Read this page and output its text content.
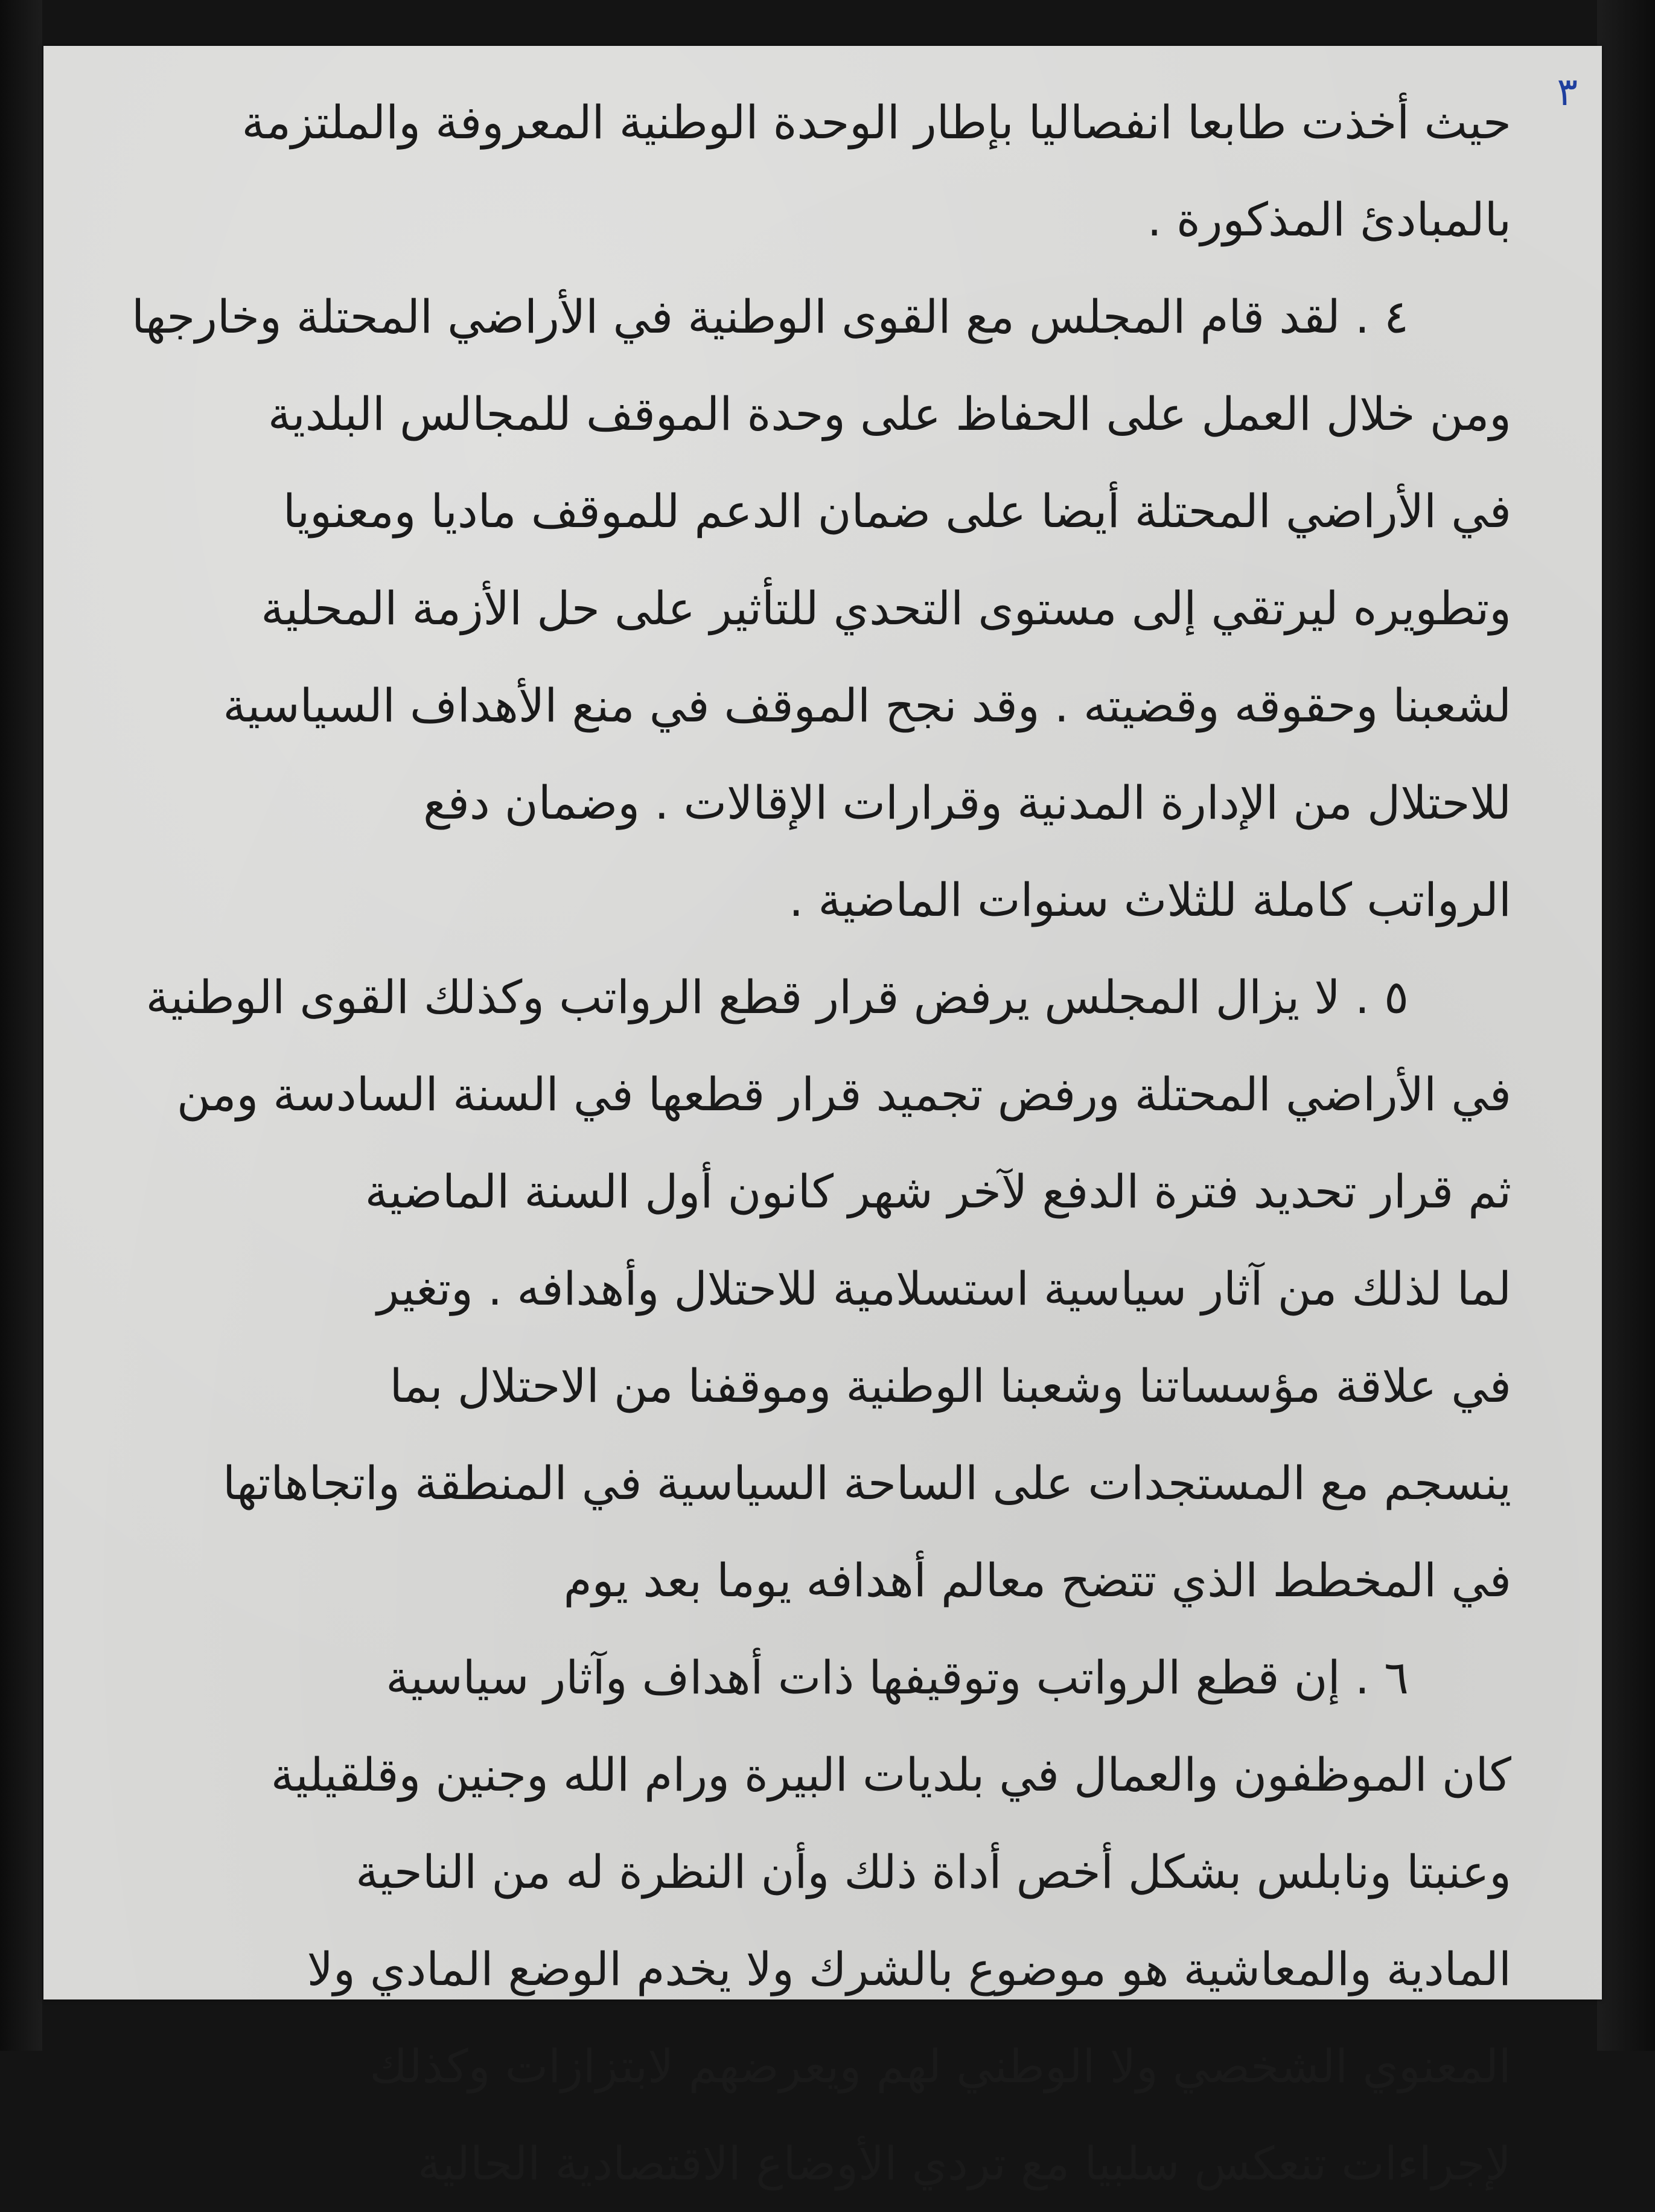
٣
حيث أخذت طابعا انفصاليا بإطار الوحدة الوطنية المعروفة والملتزمة
بالمبادئ المذكورة .
٤ . لقد قام المجلس مع القوى الوطنية في الأراضي المحتلة وخارجها
ومن خلال العمل على الحفاظ على وحدة الموقف للمجالس البلدية
في الأراضي المحتلة أيضا على ضمان الدعم للموقف ماديا ومعنويا
وتطويره ليرتقي إلى مستوى التحدي للتأثير على حل الأزمة المحلية
لشعبنا وحقوقه وقضيته . وقد نجح الموقف في منع الأهداف السياسية
للاحتلال من الإدارة المدنية وقرارات الإقالات . وضمان دفع
الرواتب كاملة للثلاث سنوات الماضية .
٥ . لا يزال المجلس يرفض قرار قطع الرواتب وكذلك القوى الوطنية
في الأراضي المحتلة ورفض تجميد قرار قطعها في السنة السادسة ومن
ثم قرار تحديد فترة الدفع لآخر شهر كانون أول السنة الماضية
لما لذلك من آثار سياسية استسلامية للاحتلال وأهدافه . وتغير
في علاقة مؤسساتنا وشعبنا الوطنية وموقفنا من الاحتلال بما
ينسجم مع المستجدات على الساحة السياسية في المنطقة واتجاهاتها
في المخطط الذي تتضح معالم أهدافه يوما بعد يوم
٦ . إن قطع الرواتب وتوقيفها ذات أهداف وآثار سياسية
كان الموظفون والعمال في بلديات البيرة ورام الله وجنين وقلقيلية
وعنبتا ونابلس بشكل أخص أداة ذلك وأن النظرة له من الناحية
المادية والمعاشية هو موضوع بالشرك ولا يخدم الوضع المادي ولا
المعنوي الشخصي ولا الوطني لهم ويعرضهم لابتزازات وكذلك
لإجراءات تنعكس سلبيا مع تردي الأوضاع الاقتصادية الحالية
